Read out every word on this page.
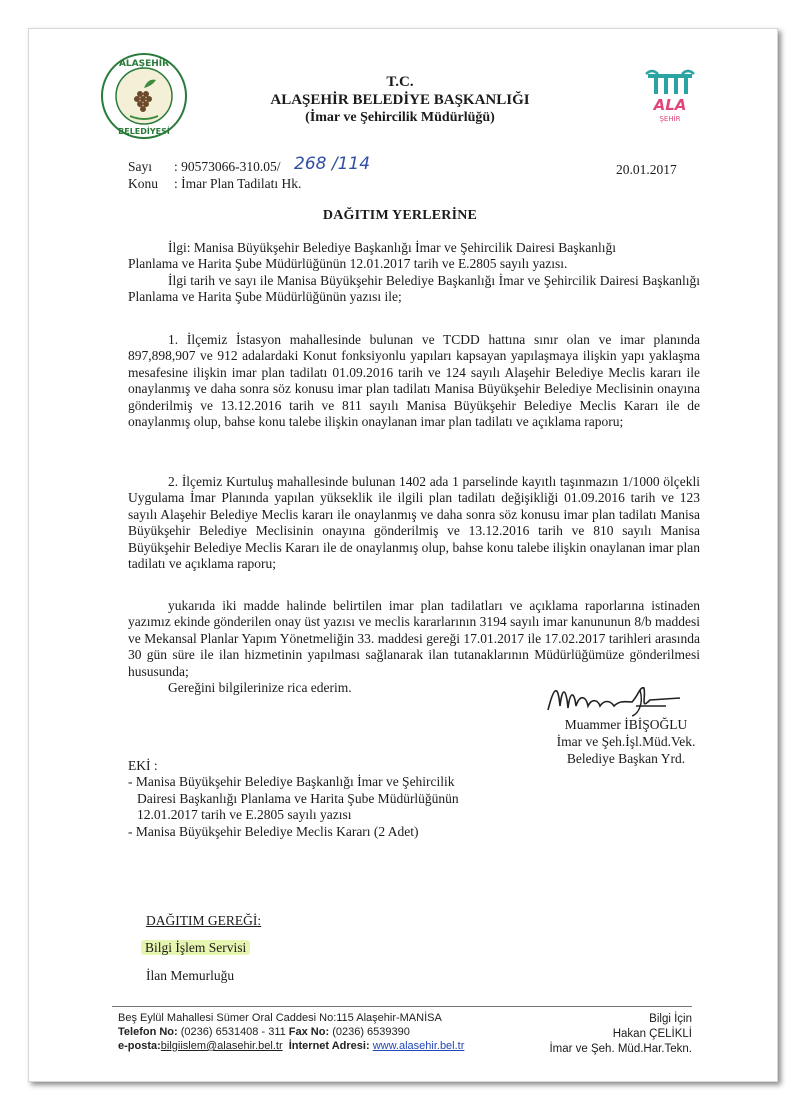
ALAŞEHİR
BELEDİYESİ
ALA
ŞEHİR
T.C.
ALAŞEHİR BELEDİYE BAŞKANLIĞI
(İmar ve Şehircilik Müdürlüğü)
Sayı : 90573066-310.05/ 268 /114
Konu : İmar Plan Tadilatı Hk.
20.01.2017
DAĞITIM YERLERİNE

İlgi: Manisa Büyükşehir Belediye Başkanlığı İmar ve Şehircilik Dairesi Başkanlığı

Planlama ve Harita Şube Müdürlüğünün 12.01.2017 tarih ve E.2805 sayılı yazısı.

İlgi tarih ve sayı ile Manisa Büyükşehir Belediye Başkanlığı İmar ve Şehircilik Dairesi Başkanlığı Planlama ve Harita Şube Müdürlüğünün yazısı ile;

1. İlçemiz İstasyon mahallesinde bulunan ve TCDD hattına sınır olan ve imar planında 897,898,907 ve 912 adalardaki Konut fonksiyonlu yapıları kapsayan yapılaşmaya ilişkin yapı yaklaşma mesafesine ilişkin imar plan tadilatı 01.09.2016 tarih ve 124 sayılı Alaşehir Belediye Meclis kararı ile onaylanmış ve daha sonra söz konusu imar plan tadilatı Manisa Büyükşehir Belediye Meclisinin onayına gönderilmiş ve 13.12.2016 tarih ve 811 sayılı Manisa Büyükşehir Belediye Meclis Kararı ile de onaylanmış olup, bahse konu talebe ilişkin onaylanan imar plan tadilatı ve açıklama raporu;

2. İlçemiz Kurtuluş mahallesinde bulunan 1402 ada 1 parselinde kayıtlı taşınmazın 1/1000 ölçekli Uygulama İmar Planında yapılan yükseklik ile ilgili plan tadilatı değişikliği 01.09.2016 tarih ve 123 sayılı Alaşehir Belediye Meclis kararı ile onaylanmış ve daha sonra söz konusu imar plan tadilatı Manisa Büyükşehir Belediye Meclisinin onayına gönderilmiş ve 13.12.2016 tarih ve 810 sayılı Manisa Büyükşehir Belediye Meclis Kararı ile de onaylanmış olup, bahse konu talebe ilişkin onaylanan imar plan tadilatı ve açıklama raporu;

yukarıda iki madde halinde belirtilen imar plan tadilatları ve açıklama raporlarına istinaden yazımız ekinde gönderilen onay üst yazısı ve meclis kararlarının 3194 sayılı imar kanununun 8/b maddesi ve Mekansal Planlar Yapım Yönetmeliğin 33. maddesi gereği 17.01.2017 ile 17.02.2017 tarihleri arasında 30 gün süre ile ilan hizmetinin yapılması sağlanarak ilan tutanaklarının Müdürlüğümüze gönderilmesi hususunda;

Gereğini bilgilerinize rica ederim.

Muammer İBİŞOĞLU
İmar ve Şeh.İşl.Müd.Vek.
Belediye Başkan Yrd.
EKİ :
- Manisa Büyükşehir Belediye Başkanlığı İmar ve Şehircilik
Dairesi Başkanlığı Planlama ve Harita Şube Müdürlüğünün
12.01.2017 tarih ve E.2805 sayılı yazısı
- Manisa Büyükşehir Belediye Meclis Kararı (2 Adet)
DAĞITIM GEREĞİ:
Bilgi İşlem Servisi
İlan Memurluğu
Beş Eylül Mahallesi Sümer Oral Caddesi No:115 Alaşehir-MANİSA
Telefon No: (0236) 6531408 - 311 Fax No: (0236) 6539390
e-posta:bilgiislem@alasehir.bel.tr İnternet Adresi: www.alasehir.bel.tr
Bilgi İçin
Hakan ÇELİKLİ
İmar ve Şeh. Müd.Har.Tekn.
